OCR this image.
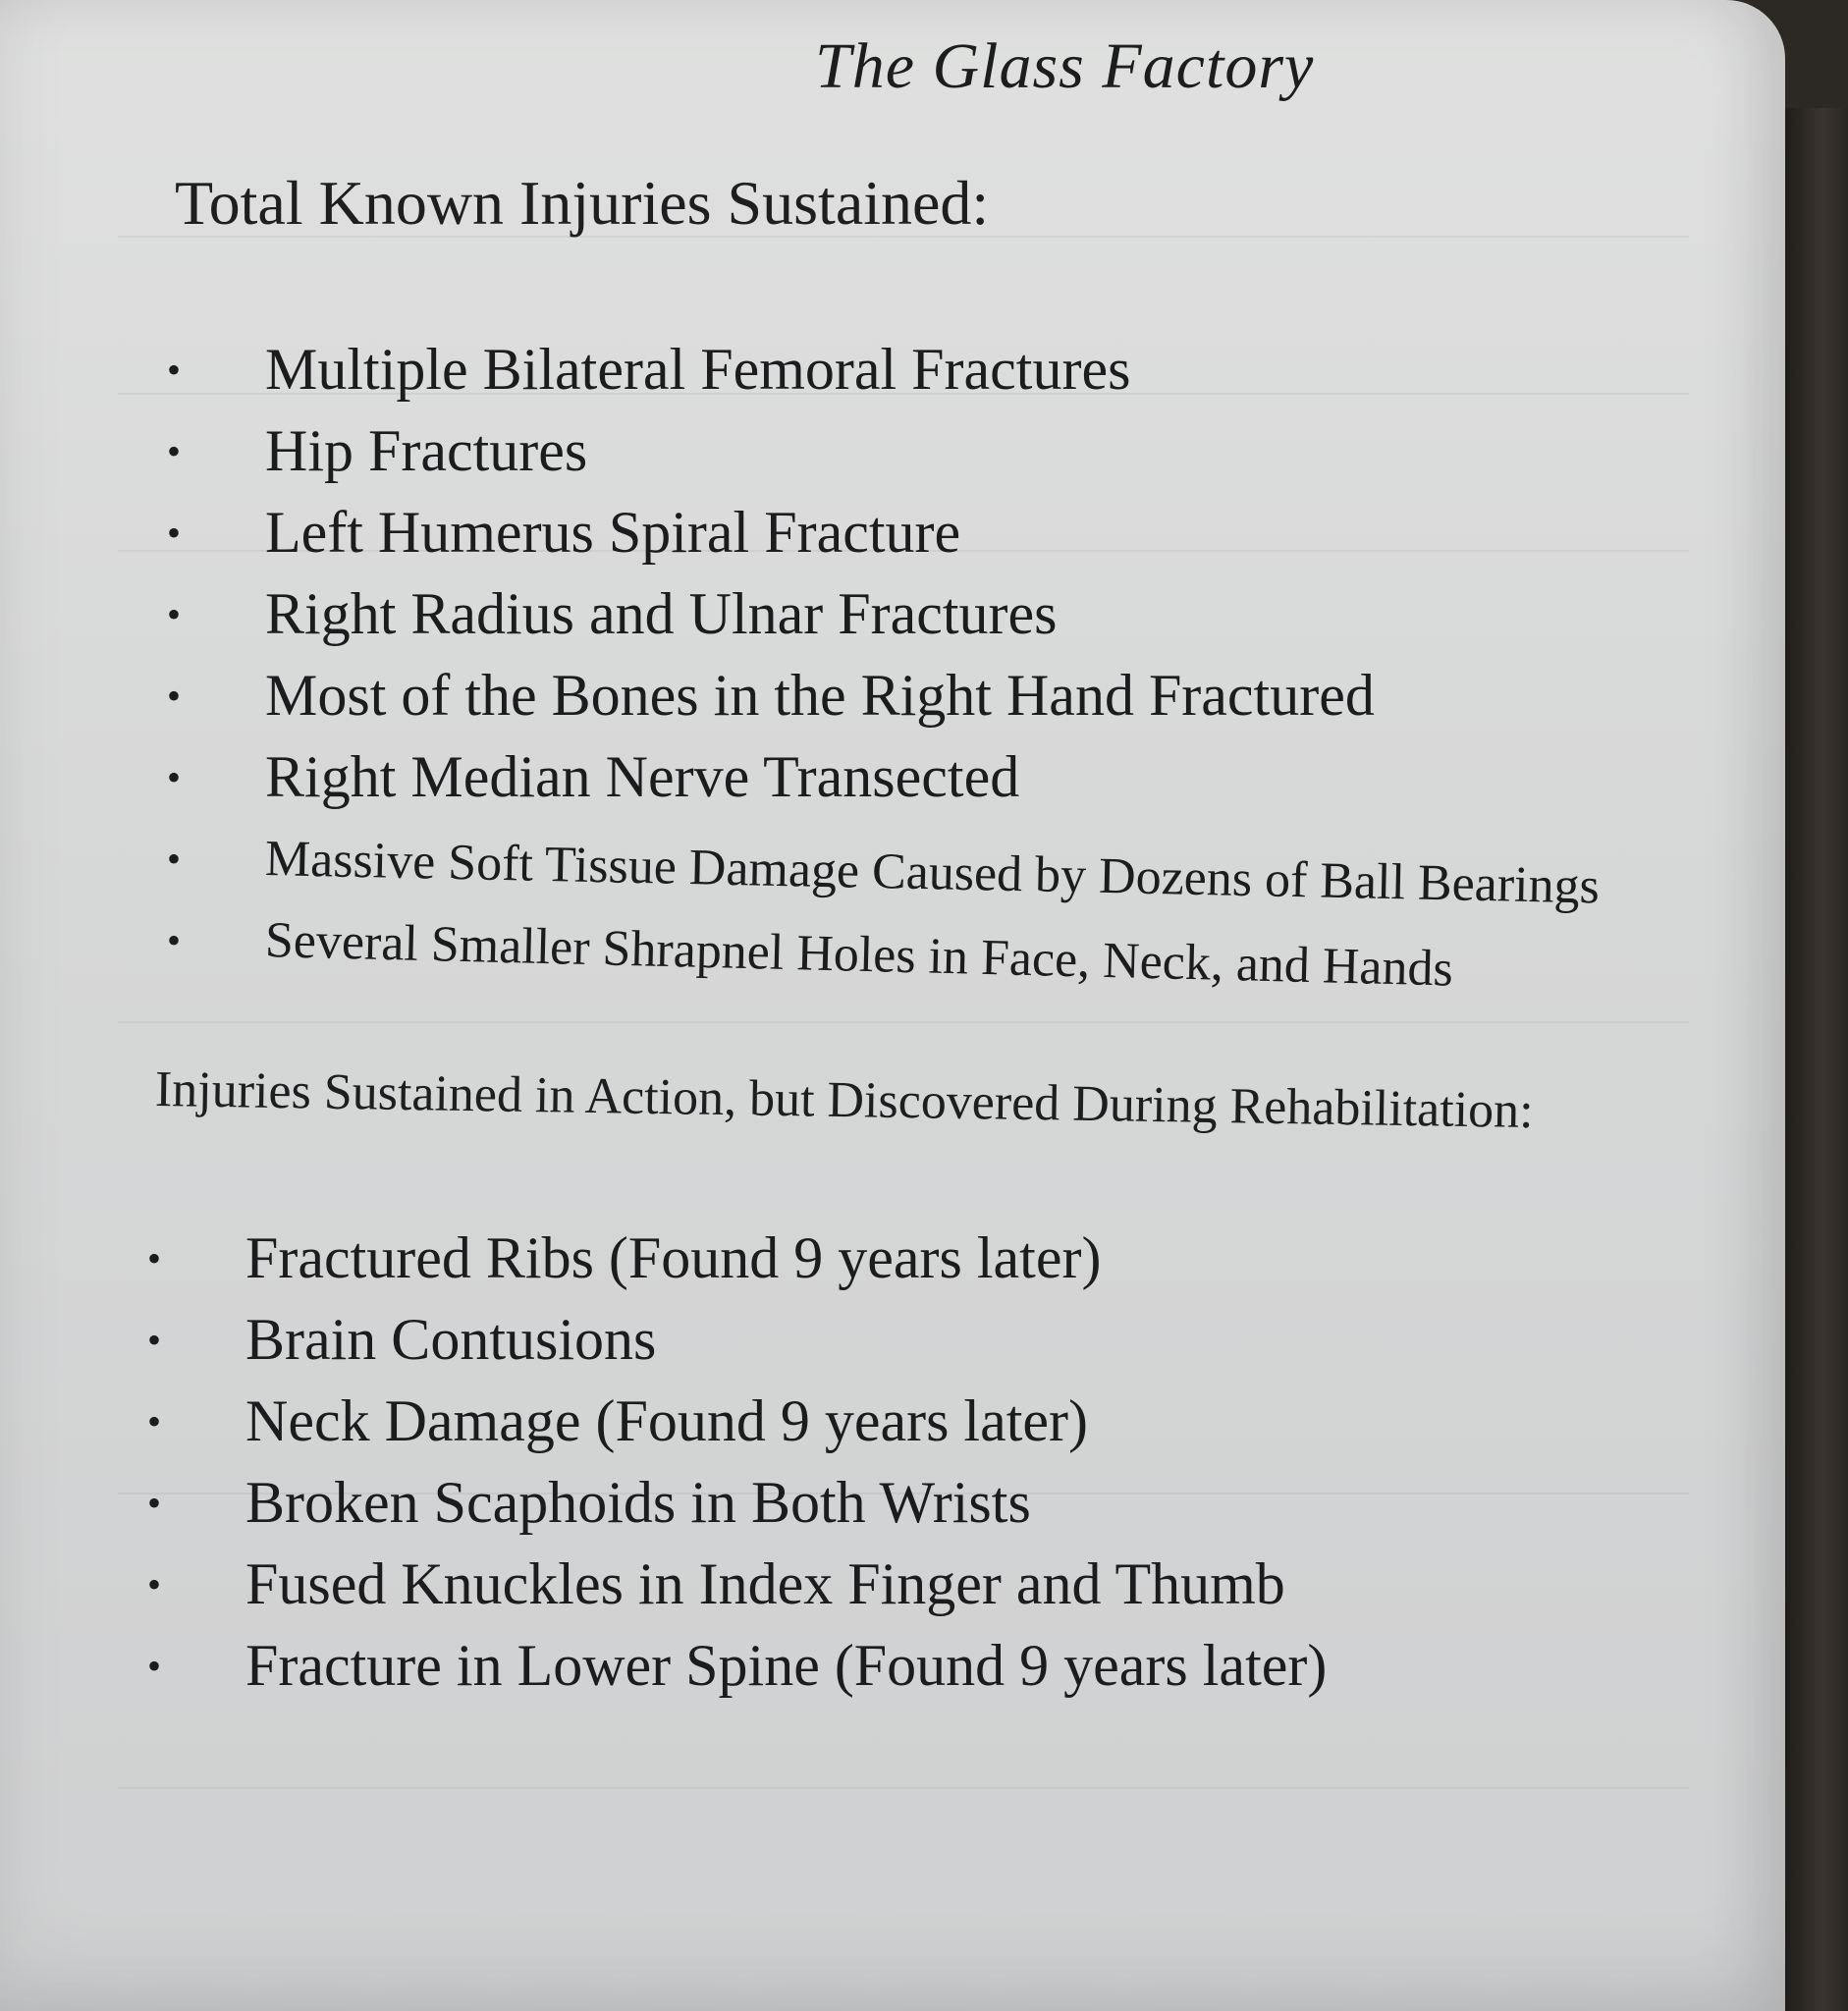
The Glass Factory
Total Known Injuries Sustained:
• Multiple Bilateral Femoral Fractures
• Hip Fractures
• Left Humerus Spiral Fracture
• Right Radius and Ulnar Fractures
• Most of the Bones in the Right Hand Fractured
• Right Median Nerve Transected
• Massive Soft Tissue Damage Caused by Dozens of Ball Bearings
• Several Smaller Shrapnel Holes in Face, Neck, and Hands
Injuries Sustained in Action, but Discovered During Rehabilitation:
• Fractured Ribs (Found 9 years later)
• Brain Contusions
• Neck Damage (Found 9 years later)
• Broken Scaphoids in Both Wrists
• Fused Knuckles in Index Finger and Thumb
• Fracture in Lower Spine (Found 9 years later)
